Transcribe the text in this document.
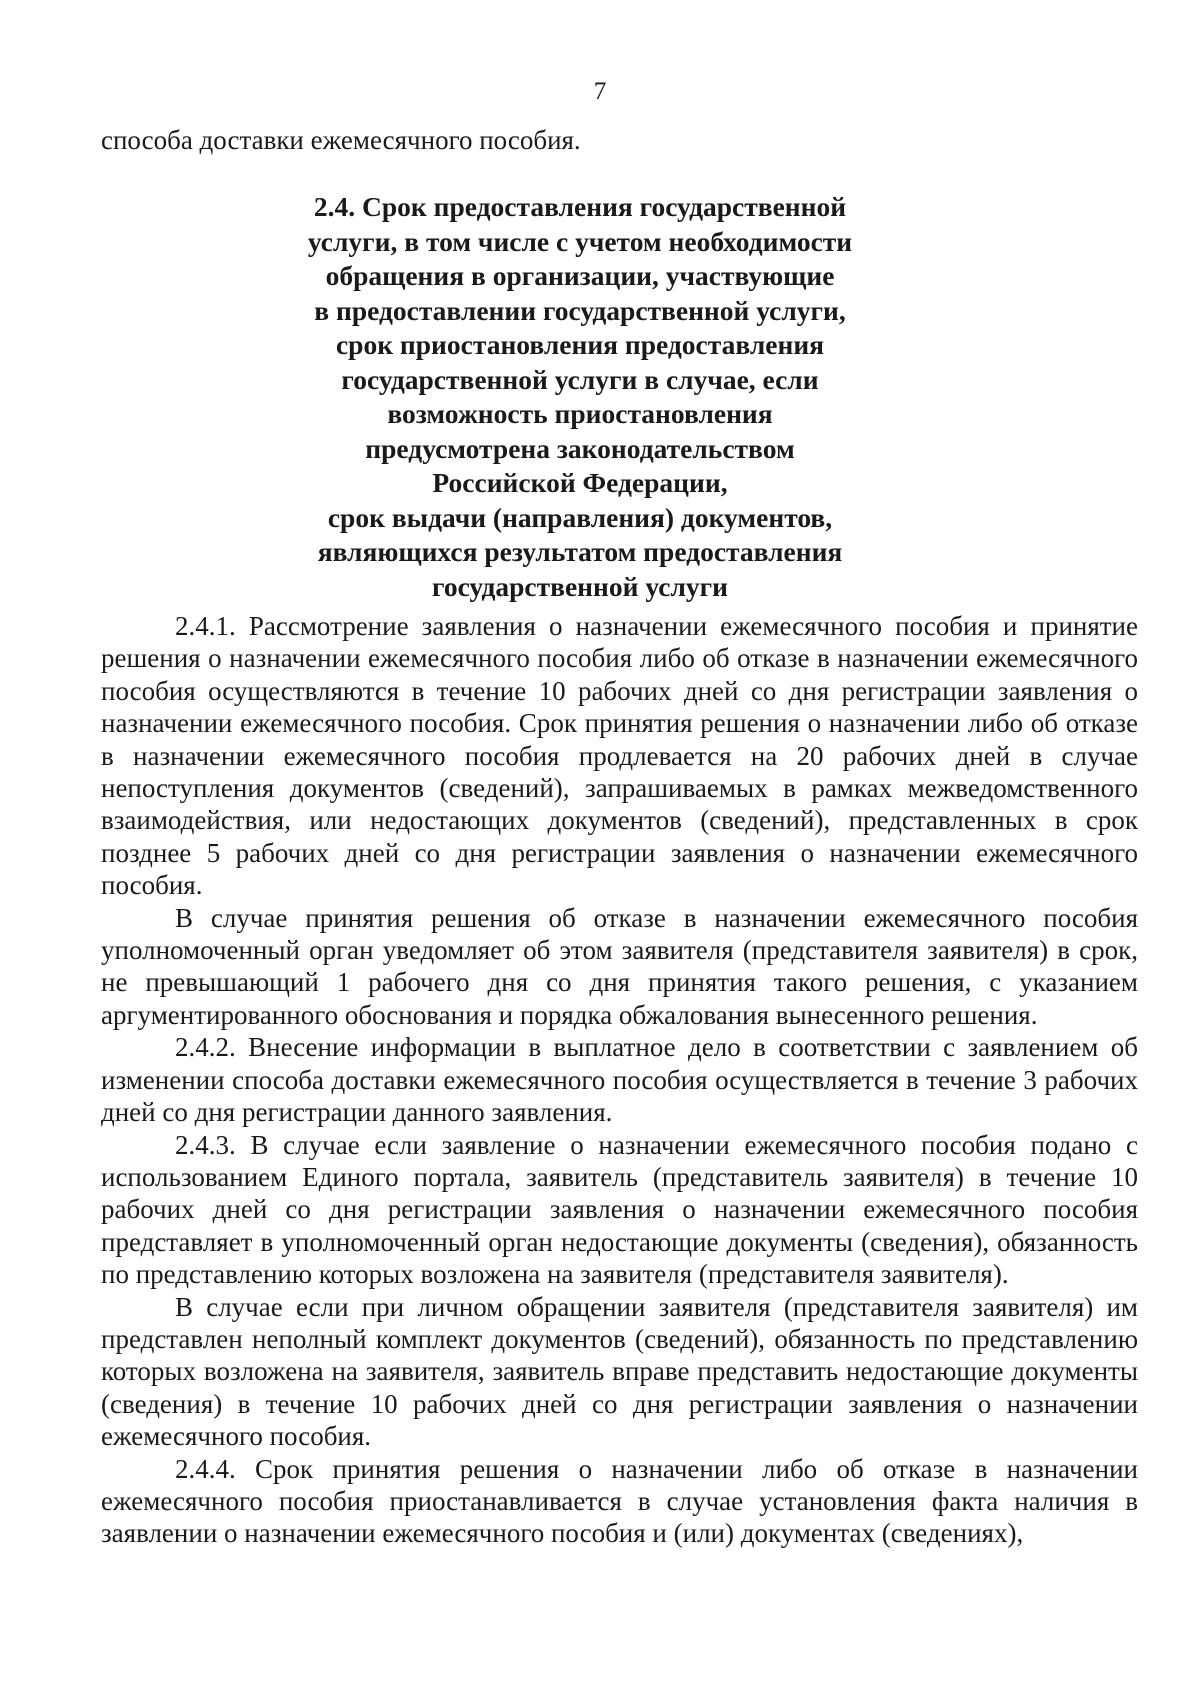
7

способа доставки ежемесячного пособия.

2.4. Срок предоставления государственной
услуги, в том числе с учетом необходимости
обращения в организации, участвующие
в предоставлении государственной услуги,
срок приостановления предоставления
государственной услуги в случае, если
возможность приостановления
предусмотрена законодательством
Российской Федерации,
срок выдачи (направления) документов,
являющихся результатом предоставления
государственной услуги

2.4.1. Рассмотрение заявления о назначении ежемесячного пособия и принятие решения о назначении ежемесячного пособия либо об отказе в назначении ежемесячного пособия осуществляются в течение 10 рабочих дней со дня регистрации заявления о назначении ежемесячного пособия. Срок принятия решения о назначении либо об отказе в назначении ежемесячного пособия продлевается на 20 рабочих дней в случае непоступления документов (сведений), запрашиваемых в рамках межведомственного взаимодействия, или недостающих документов (сведений), представленных в срок позднее 5 рабочих дней со дня регистрации заявления о назначении ежемесячного пособия.

В случае принятия решения об отказе в назначении ежемесячного пособия уполномоченный орган уведомляет об этом заявителя (представителя заявителя) в срок, не превышающий 1 рабочего дня со дня принятия такого решения, с указанием аргументированного обоснования и порядка обжалования вынесенного решения.

2.4.2. Внесение информации в выплатное дело в соответствии с заявлением об изменении способа доставки ежемесячного пособия осуществляется в течение 3 рабочих дней со дня регистрации данного заявления.

2.4.3. В случае если заявление о назначении ежемесячного пособия подано с использованием Единого портала, заявитель (представитель заявителя) в течение 10 рабочих дней со дня регистрации заявления о назначении ежемесячного пособия представляет в уполномоченный орган недостающие документы (сведения), обязанность по представлению которых возложена на заявителя (представителя заявителя).

В случае если при личном обращении заявителя (представителя заявителя) им представлен неполный комплект документов (сведений), обязанность по представлению которых возложена на заявителя, заявитель вправе представить недостающие документы (сведения) в течение 10 рабочих дней со дня регистрации заявления о назначении ежемесячного пособия.

2.4.4. Срок принятия решения о назначении либо об отказе в назначении ежемесячного пособия приостанавливается в случае установления факта наличия в заявлении о назначении ежемесячного пособия и (или) документах (сведениях),
